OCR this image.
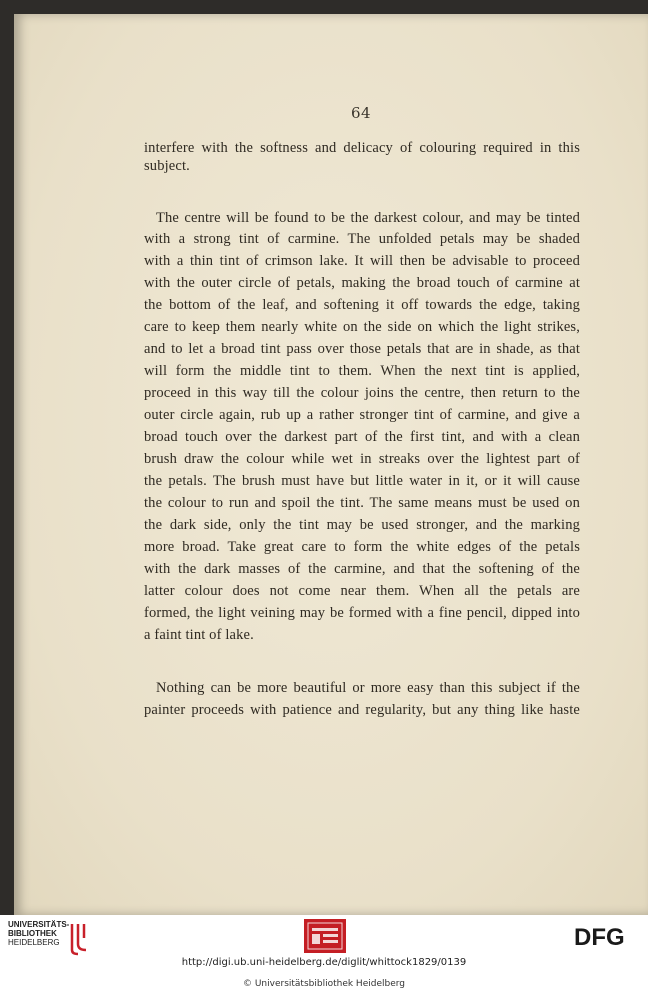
64
interfere with the softness and delicacy of colouring required in this
subject.
The centre will be found to be the darkest colour, and may be tinted
with a strong tint of carmine. The unfolded petals may be shaded
with a thin tint of crimson lake. It will then be advisable to proceed
with the outer circle of petals, making the broad touch of carmine at
the bottom of the leaf, and softening it off towards the edge, taking
care to keep them nearly white on the side on which the light strikes,
and to let a broad tint pass over those petals that are in shade, as that
will form the middle tint to them. When the next tint is applied,
proceed in this way till the colour joins the centre, then return to the
outer circle again, rub up a rather stronger tint of carmine, and give a
broad touch over the darkest part of the first tint, and with a clean
brush draw the colour while wet in streaks over the lightest part of
the petals. The brush must have but little water in it, or it will cause
the colour to run and spoil the tint. The same means must be used on
the dark side, only the tint may be used stronger, and the marking
more broad. Take great care to form the white edges of the petals
with the dark masses of the carmine, and that the softening of the
latter colour does not come near them. When all the petals are
formed, the light veining may be formed with a fine pencil, dipped into
a faint tint of lake.
Nothing can be more beautiful or more easy than this subject if the
painter proceeds with patience and regularity, but any thing like haste
UNIVERSITÄTS-
BIBLIOTHEK
HEIDELBERG	DFG
http://digi.ub.uni-heidelberg.de/diglit/whittock1829/0139
© Universitätsbibliothek Heidelberg
